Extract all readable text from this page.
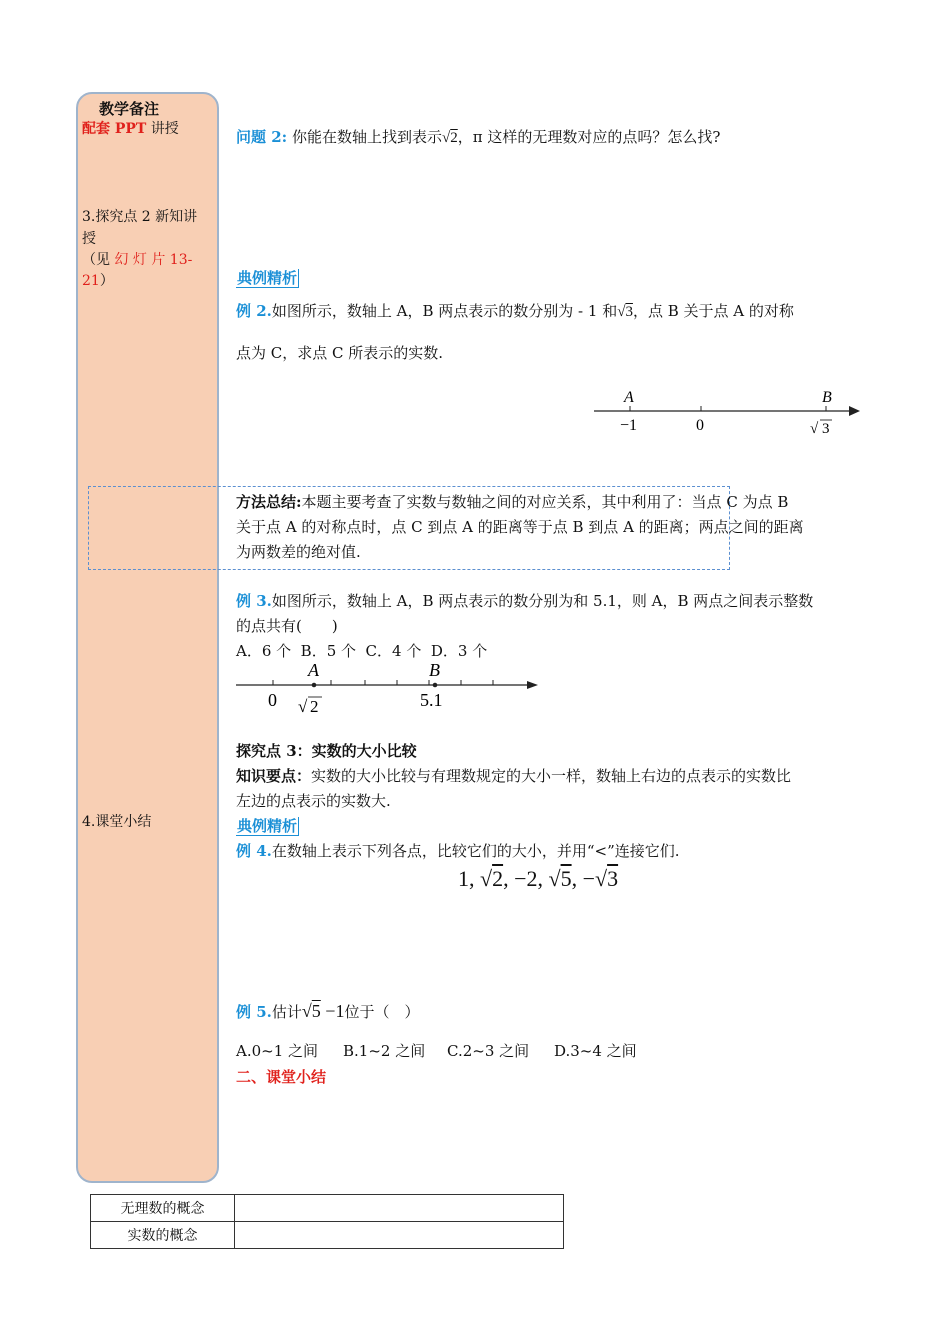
教学备注
配套 PPT 讲授
3.探究点 2 新知讲
授
（见 幻 灯 片 13-
21）
4.课堂小结
问题 2: 你能在数轴上找到表示√2，π 这样的无理数对应的点吗？怎么找?
典例精析
例 2.如图所示，数轴上 A，B 两点表示的数分别为 - 1 和√3，点 B 关于点 A 的对称
点为 C，求点 C 所表示的实数.
A	B
−1	0	√ 3
方法总结:本题主要考查了实数与数轴之间的对应关系，其中利用了：当点 C 为点 B
关于点 A 的对称点时，点 C 到点 A 的距离等于点 B 到点 A 的距离；两点之间的距离
为两数差的绝对值.
例 3.如图所示，数轴上 A，B 两点表示的数分别为和 5.1，则 A，B 两点之间表示整数
的点共有(　　)
A．6 个  B．5 个  C．4 个  D．3 个
A	B
0 √ 2	5.1
探究点 3：实数的大小比较
知识要点：实数的大小比较与有理数规定的大小一样，数轴上右边的点表示的实数比
左边的点表示的实数大.
典例精析
例 4.在数轴上表示下列各点，比较它们的大小，并用“<”连接它们.
1, √2, −2, √5, −√3
例 5.估计√5 −1位于（　）
A.0~1 之间 B.1~2 之间 C.2~3 之间 D.3~4 之间
二、课堂小结
无理数的概念	
实数的概念	
